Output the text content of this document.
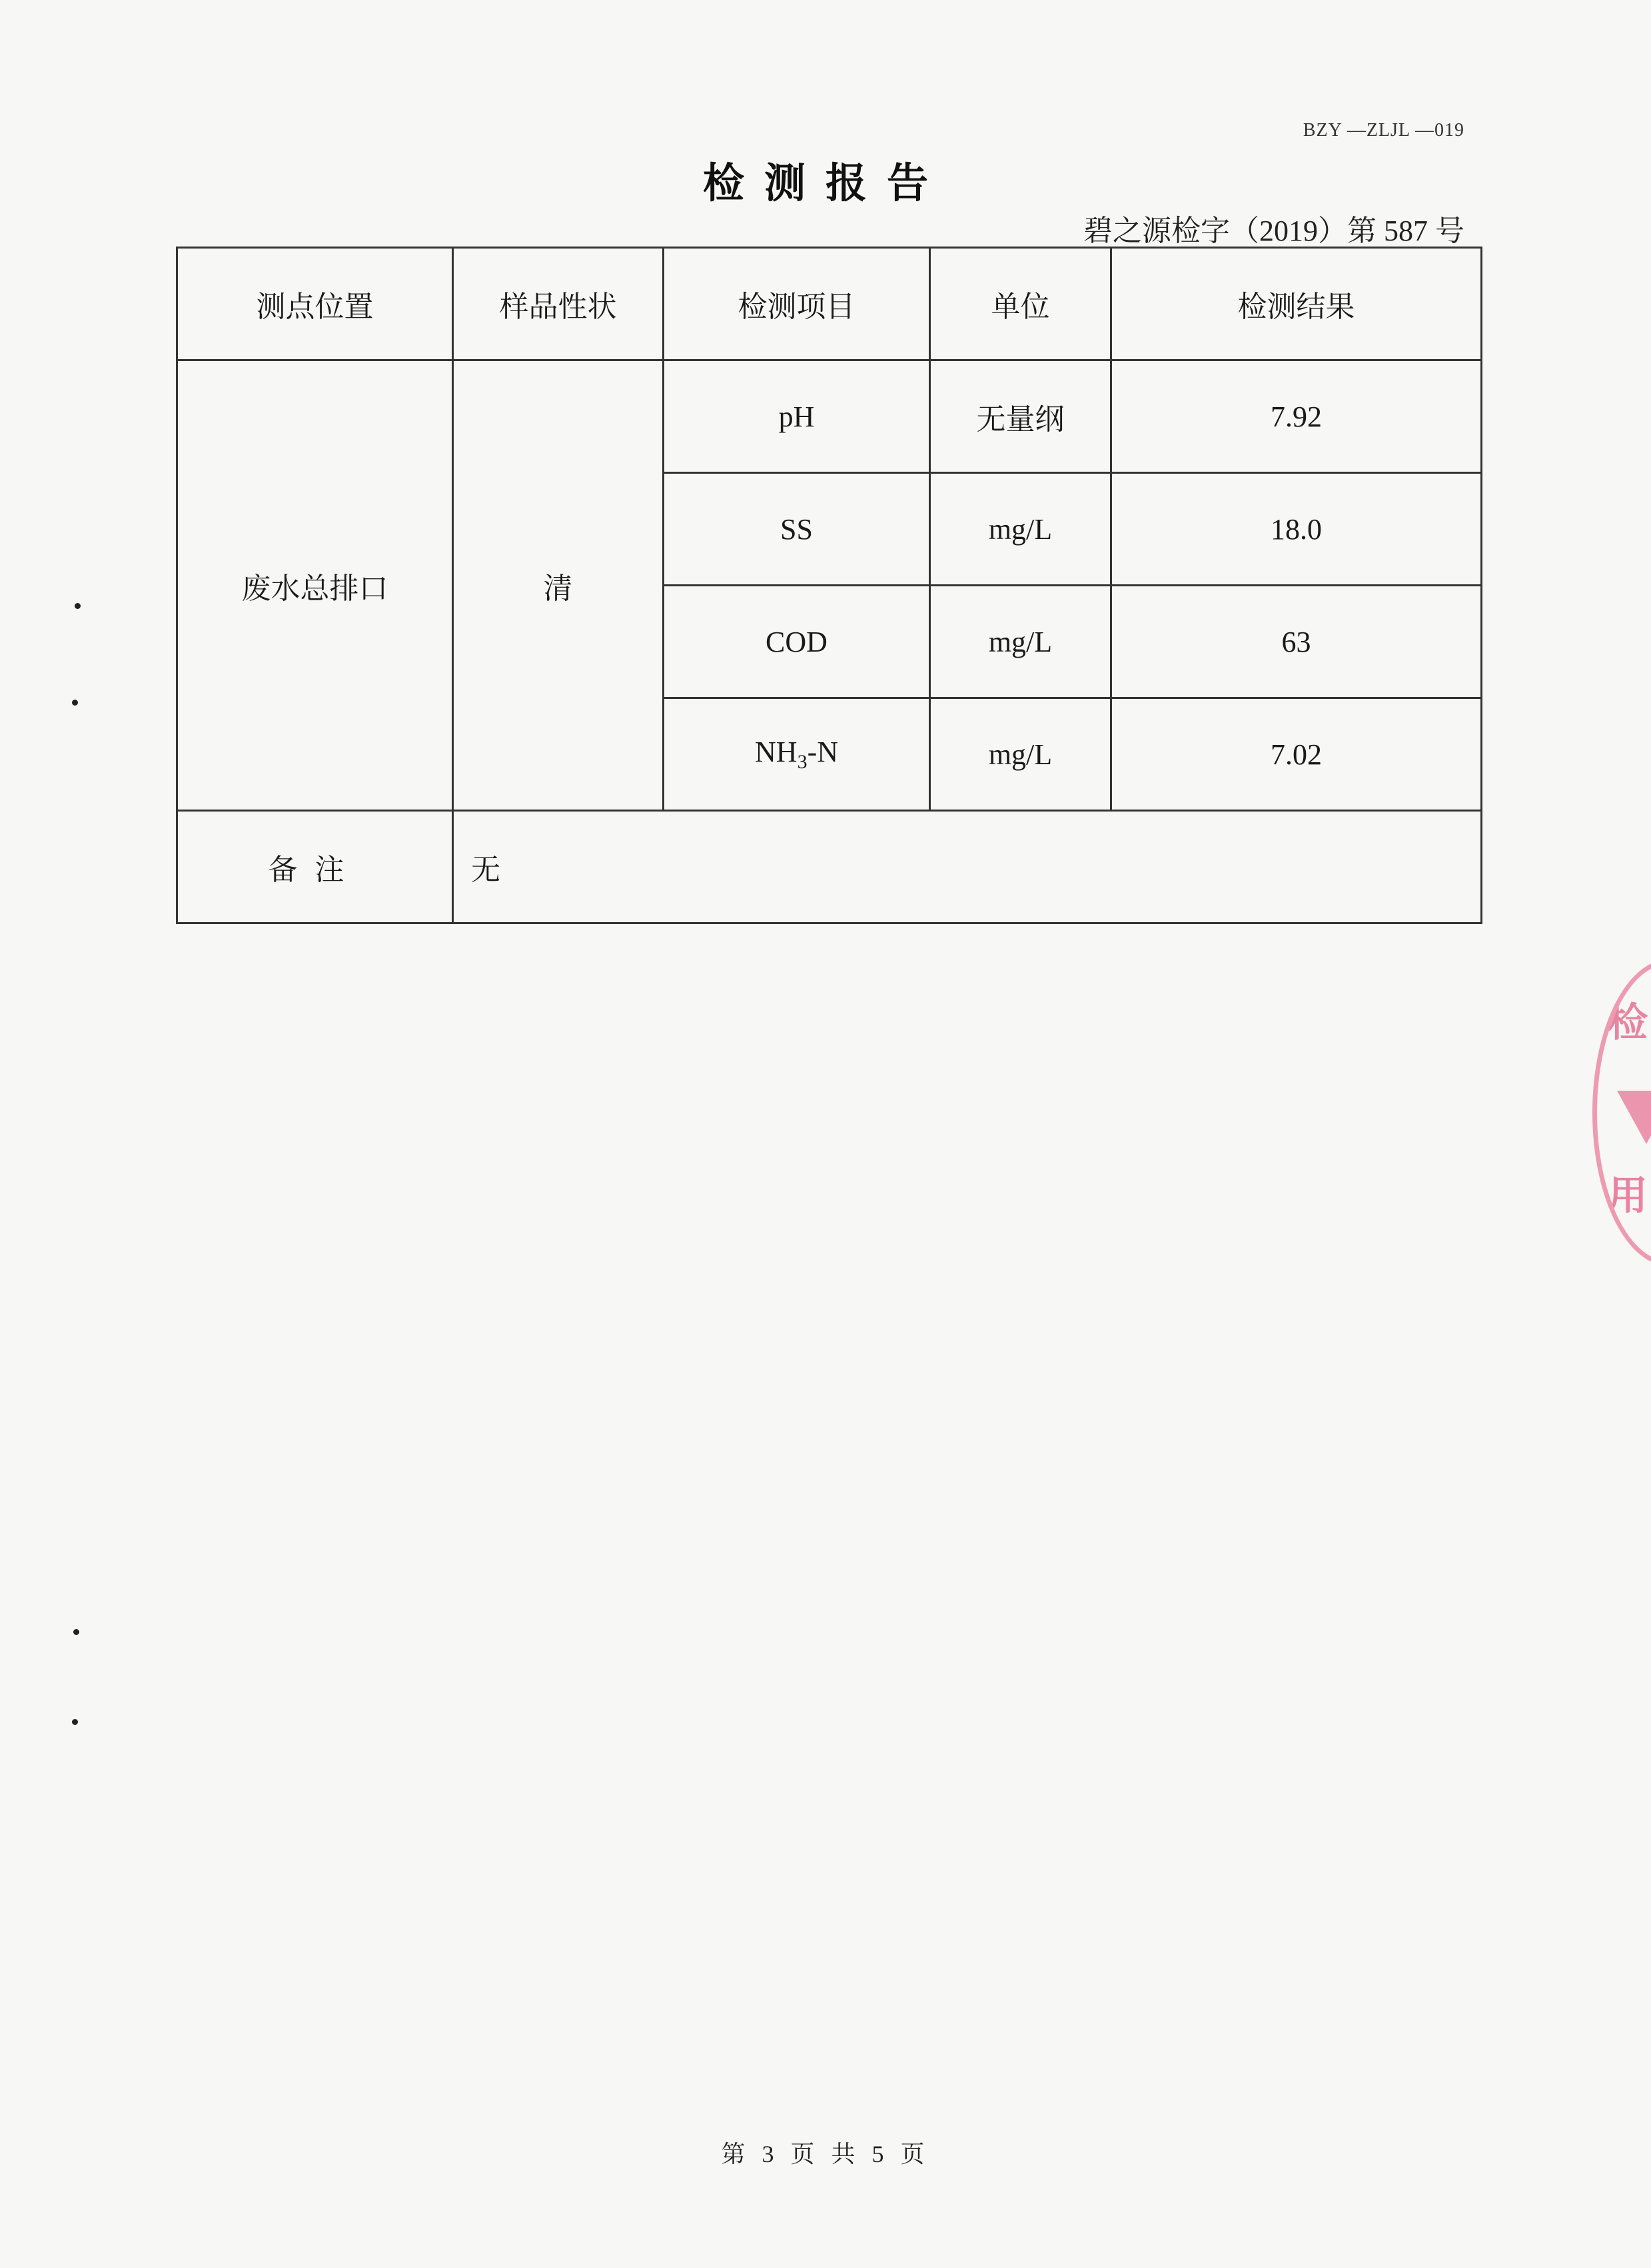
BZY —ZLJL —019
检测报告
碧之源检字（2019）第 587 号
测点位置	样品性状	检测项目	单位	检测结果
废水总排口	清	pH	无量纲	7.92
		SS	mg/L	18.0
		COD	mg/L	63
		$NH_3-N$	mg/L	7.02
备注	无			
检
用
第 3 页 共 5 页
